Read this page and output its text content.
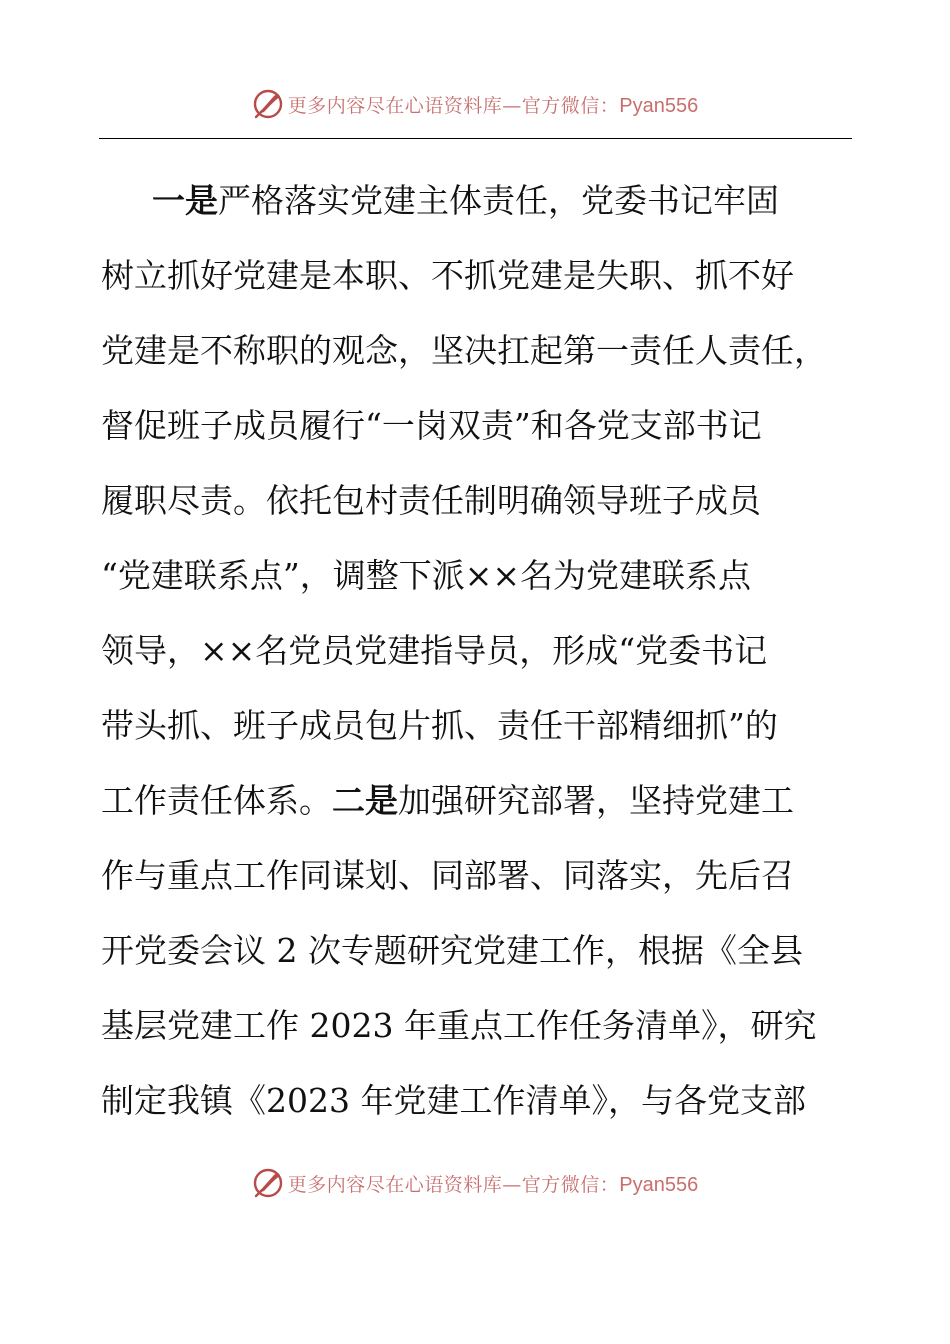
更多内容尽在心语资料库—官方微信：Pyan556
一是严格落实党建主体责任，党委书记牢固
树立抓好党建是本职、不抓党建是失职、抓不好
党建是不称职的观念，坚决扛起第一责任人责任，
督促班子成员履行“一岗双责”和各党支部书记
履职尽责。依托包村责任制明确领导班子成员
“党建联系点”，调整下派××名为党建联系点
领导，××名党员党建指导员，形成“党委书记
带头抓、班子成员包片抓、责任干部精细抓”的
工作责任体系。二是加强研究部署，坚持党建工
作与重点工作同谋划、同部署、同落实，先后召
开党委会议 2 次专题研究党建工作，根据《全县
基层党建工作 2023 年重点工作任务清单》，研究
制定我镇《2023 年党建工作清单》，与各党支部
更多内容尽在心语资料库—官方微信：Pyan556
